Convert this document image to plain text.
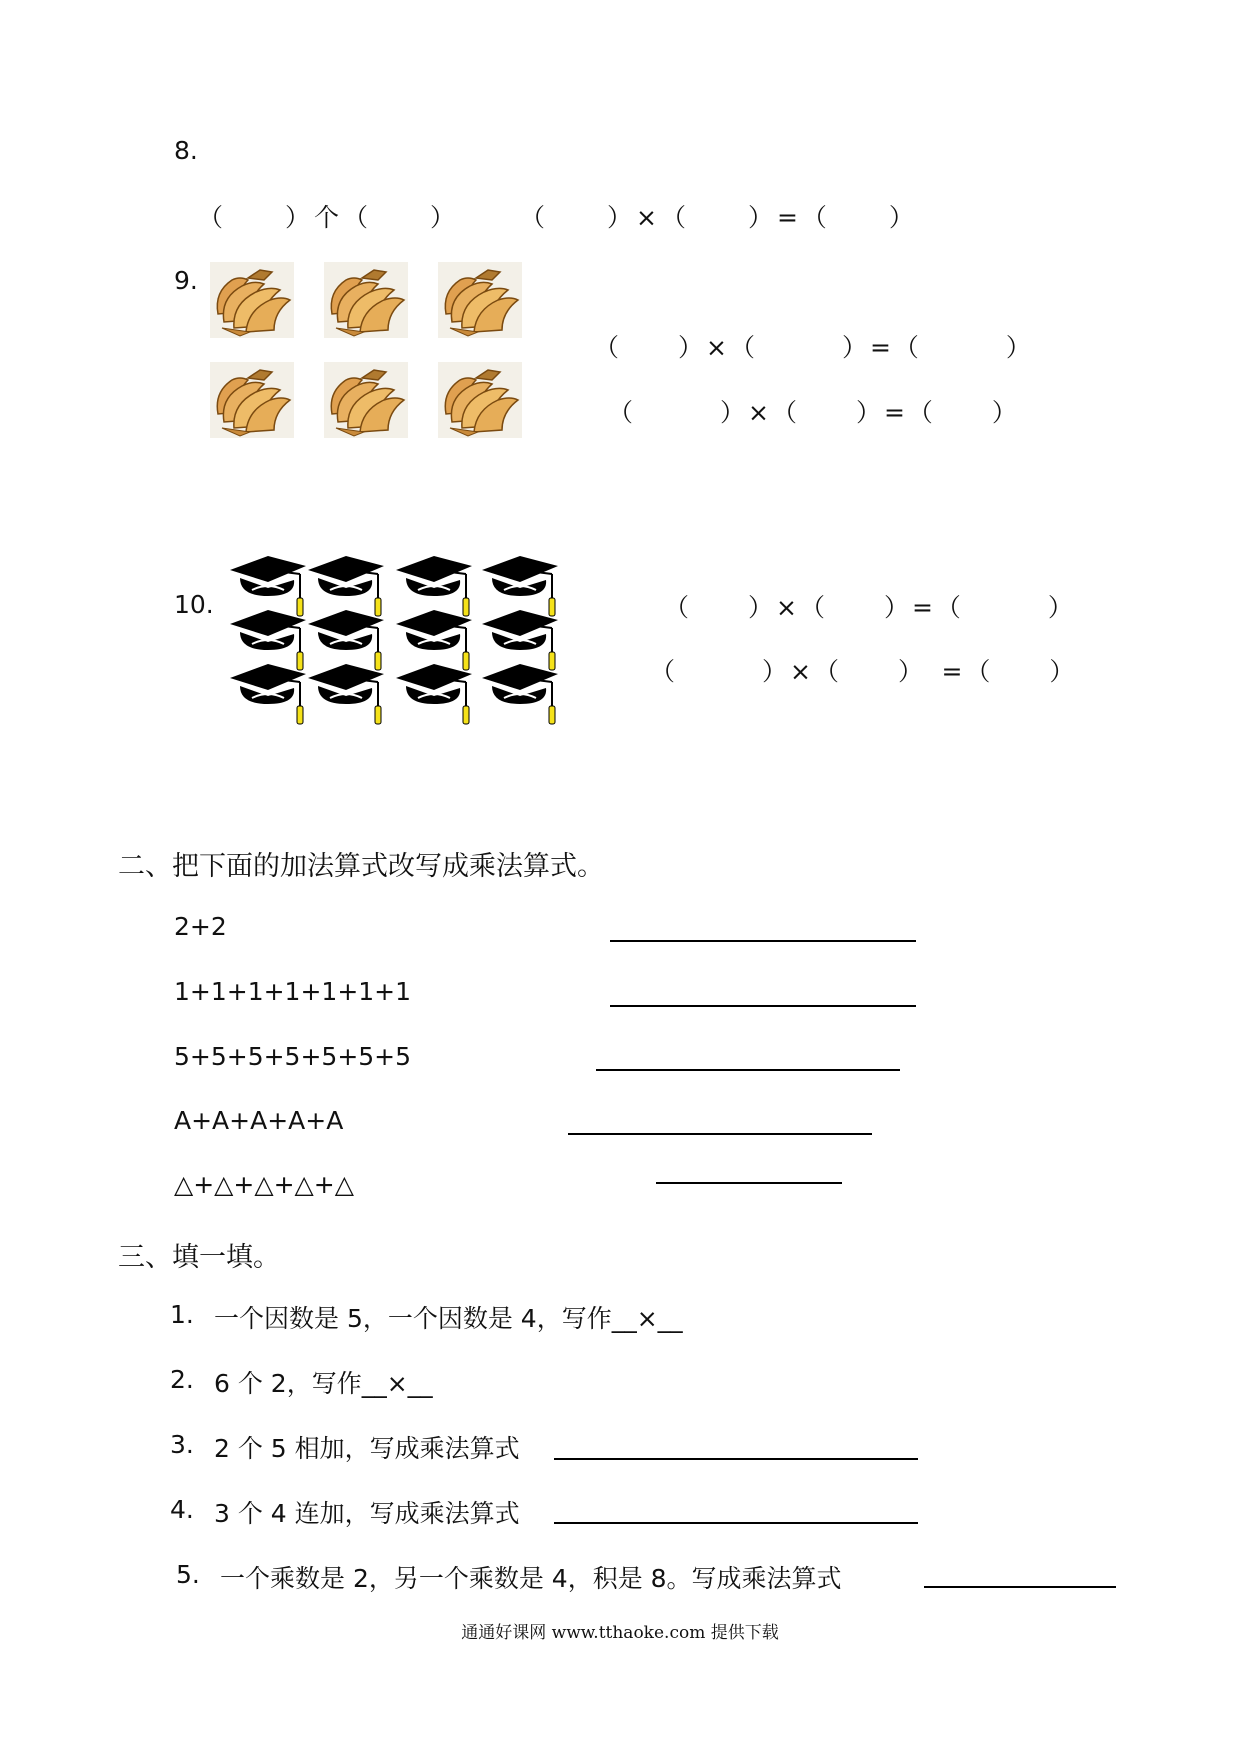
8.
（　　）个（　　） （　　）×（　　）=（　　）
9.
（　　）×（　　　）=（　　　）
（　　　）×（　　）=（　　）
10.	（　　）×（　　）=（　　　）
（　　　）×（　　）　=（　　）
二、把下面的加法算式改写成乘法算式。
2+2
1+1+1+1+1+1+1
5+5+5+5+5+5+5
A+A+A+A+A
△+△+△+△+△
三、填一填。
1. 一个因数是 5，一个因数是 4，写作__×__
2. 6 个 2，写作__×__
3. 2 个 5 相加，写成乘法算式
4. 3 个 4 连加，写成乘法算式
5. 一个乘数是 2，另一个乘数是 4，积是 8。写成乘法算式
通通好课网 www.tthaoke.com 提供下载
